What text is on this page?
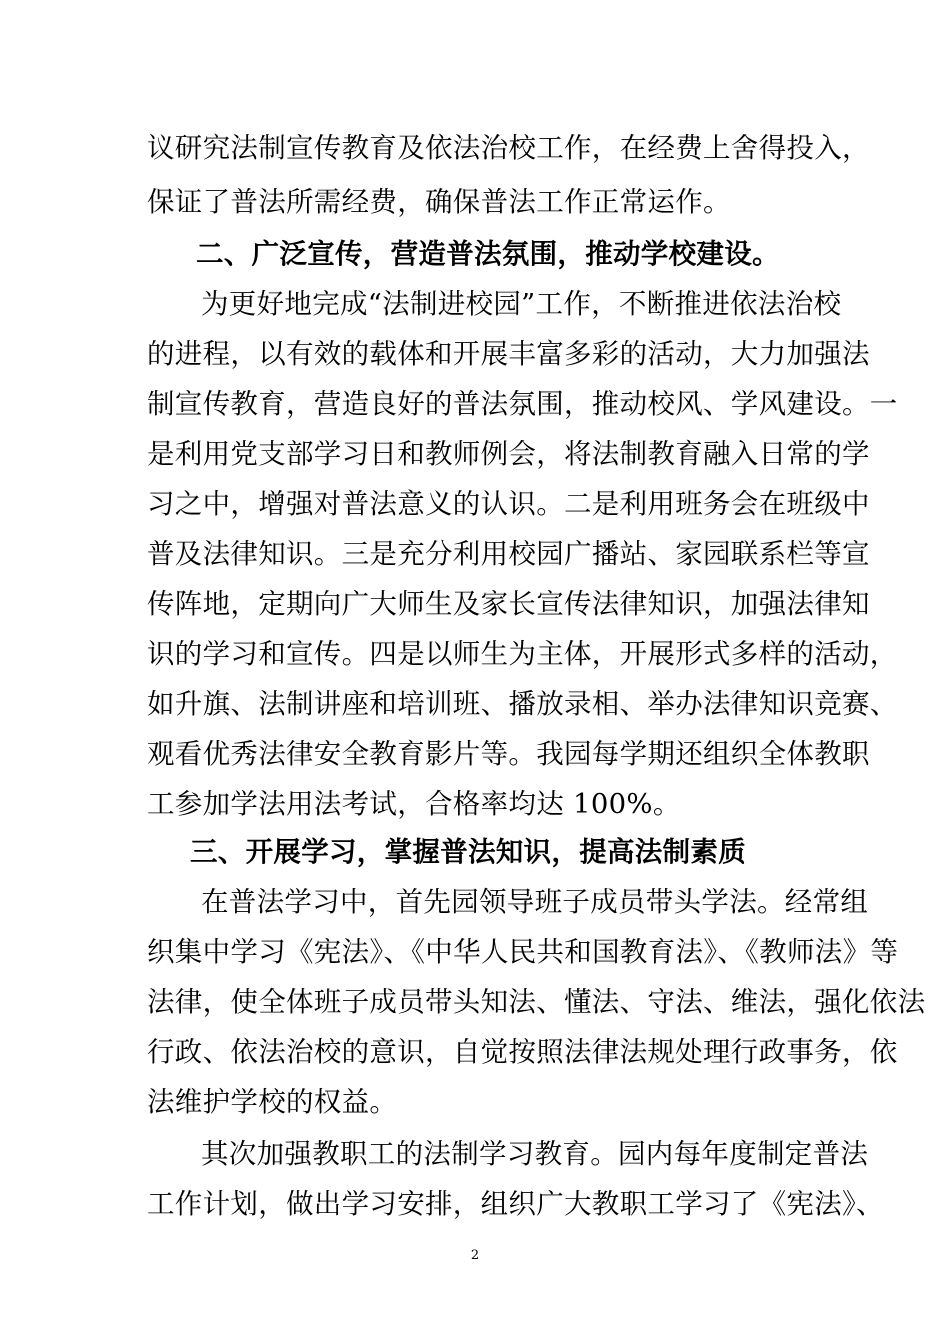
议研究法制宣传教育及依法治校工作，在经费上舍得投入，
保证了普法所需经费，确保普法工作正常运作。
二、广泛宣传，营造普法氛围，推动学校建设。
为更好地完成“法制进校园”工作，不断推进依法治校
的进程，以有效的载体和开展丰富多彩的活动，大力加强法
制宣传教育，营造良好的普法氛围，推动校风、学风建设。一
是利用党支部学习日和教师例会，将法制教育融入日常的学
习之中，增强对普法意义的认识。二是利用班务会在班级中
普及法律知识。三是充分利用校园广播站、家园联系栏等宣
传阵地，定期向广大师生及家长宣传法律知识，加强法律知
识的学习和宣传。四是以师生为主体，开展形式多样的活动，
如升旗、法制讲座和培训班、播放录相、举办法律知识竞赛、
观看优秀法律安全教育影片等。我园每学期还组织全体教职
工参加学法用法考试，合格率均达 100%。
三、开展学习，掌握普法知识，提高法制素质
在普法学习中，首先园领导班子成员带头学法。经常组
织集中学习《宪法》、《中华人民共和国教育法》、《教师法》等
法律，使全体班子成员带头知法、懂法、守法、维法，强化依法
行政、依法治校的意识，自觉按照法律法规处理行政事务，依
法维护学校的权益。
其次加强教职工的法制学习教育。园内每年度制定普法
工作计划，做出学习安排，组织广大教职工学习了《宪法》、
2
